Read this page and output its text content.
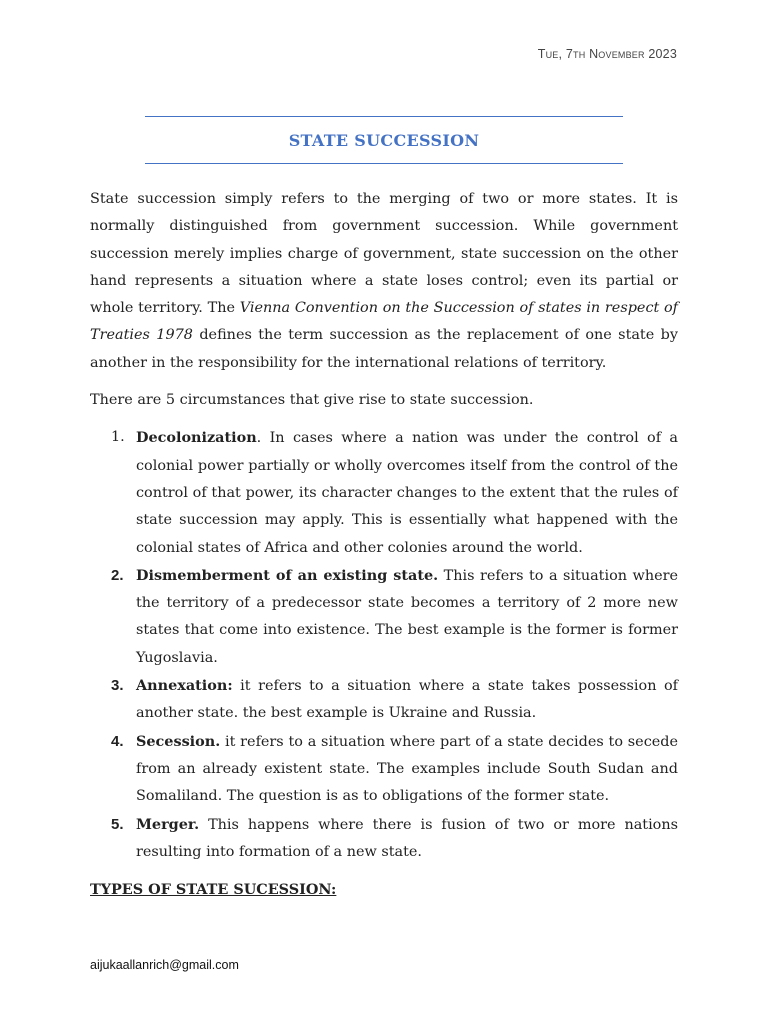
Tue, 7th November 2023
STATE SUCCESSION

State succession simply refers to the merging of two or more states. It is normally distinguished from government succession. While government succession merely implies charge of government, state succession on the other hand represents a situation where a state loses control; even its partial or whole territory. The Vienna Convention on the Succession of states in respect of Treaties 1978 defines the term succession as the replacement of one state by another in the responsibility for the international relations of territory.

There are 5 circumstances that give rise to state succession.

1. Decolonization. In cases where a nation was under the control of a colonial power partially or wholly overcomes itself from the control of the control of that power, its character changes to the extent that the rules of state succession may apply. This is essentially what happened with the colonial states of Africa and other colonies around the world.
2. Dismemberment of an existing state. This refers to a situation where the territory of a predecessor state becomes a territory of 2 more new states that come into existence. The best example is the former is former Yugoslavia.
3. Annexation: it refers to a situation where a state takes possession of another state. the best example is Ukraine and Russia.
4. Secession. it refers to a situation where part of a state decides to secede from an already existent state. The examples include South Sudan and Somaliland. The question is as to obligations of the former state.
5. Merger. This happens where there is fusion of two or more nations resulting into formation of a new state.
TYPES OF STATE SUCESSION:
aijukaallanrich@gmail.com
